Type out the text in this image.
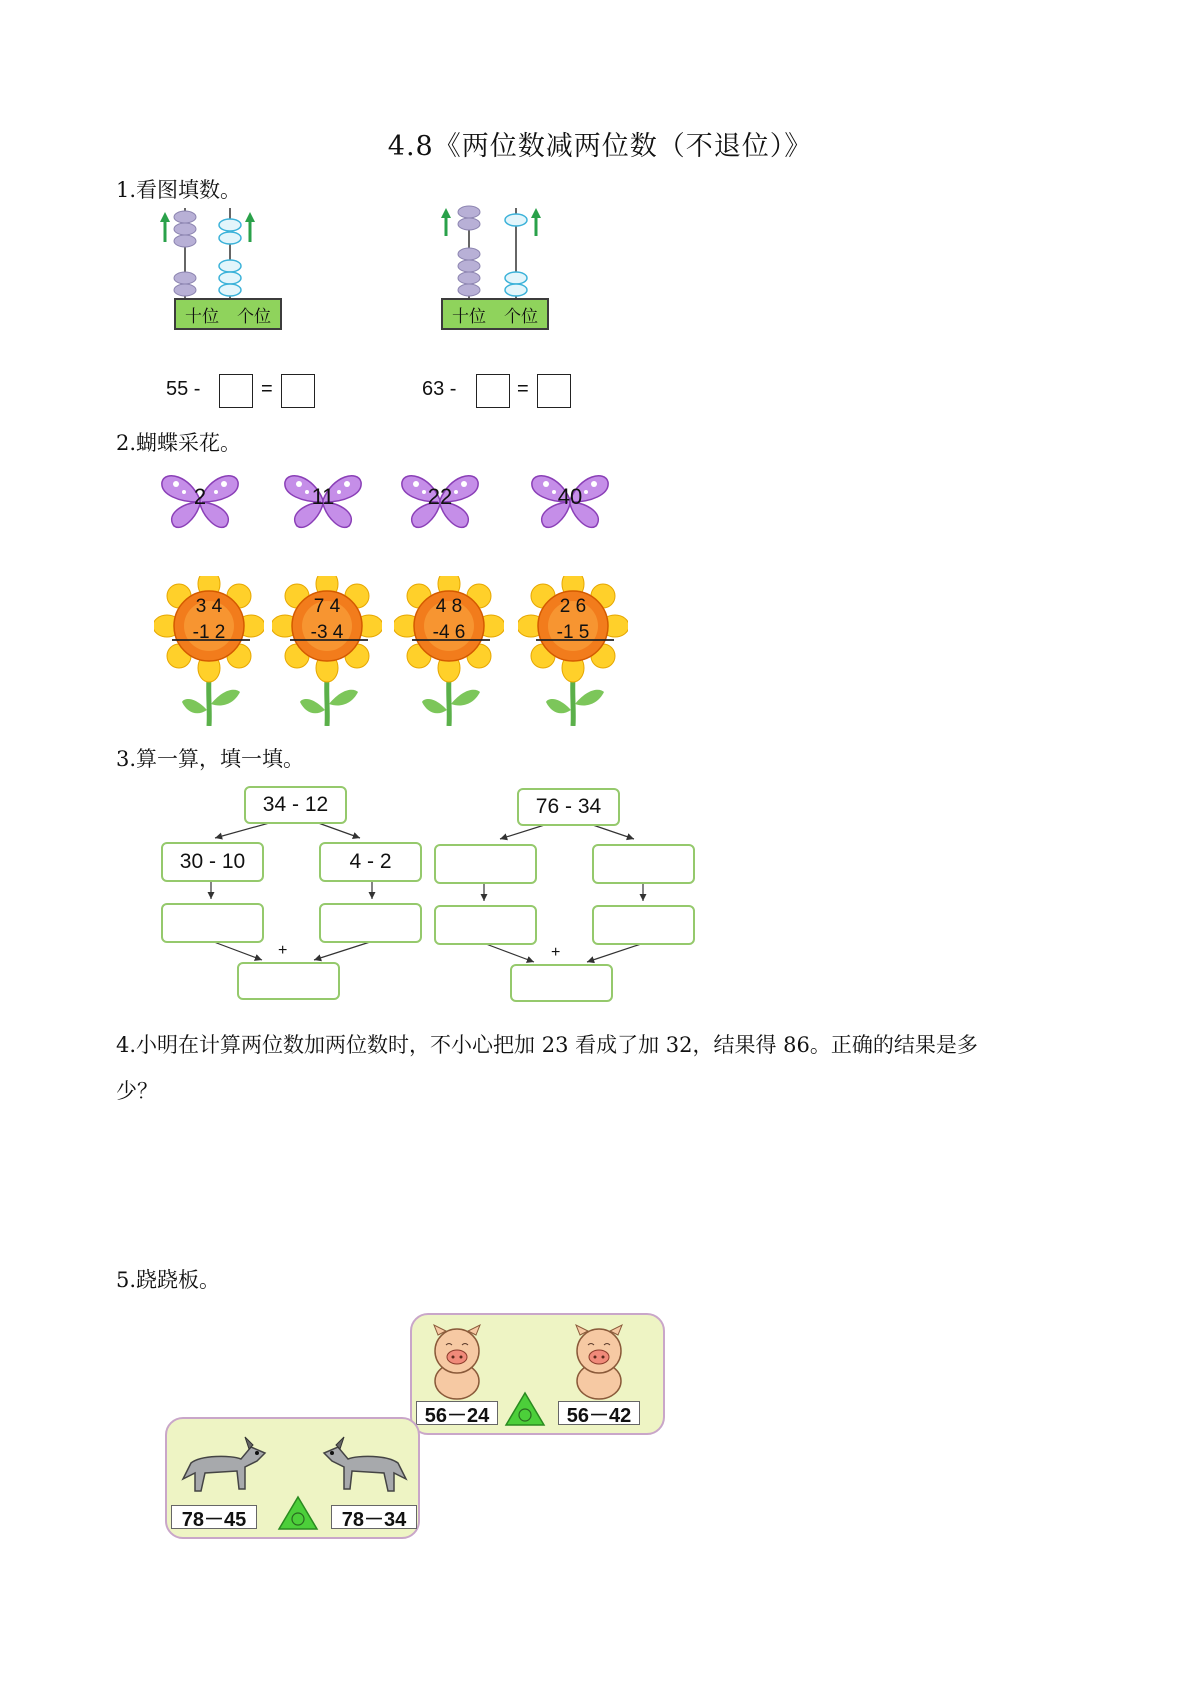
4.8《两位数减两位数（不退位）》
1.看图填数。
十位 个位
55 -	=
十位 个位
63 -	=
2.蝴蝶采花。
2	11	22	40
3 4
-1 2
7 4
-3 4
4 8
-4 6
2 6
-1 5
3.算一算，填一填。
34 - 12
30 - 10	4 - 2
+
76 - 34
+
4.小明在计算两位数加两位数时，不小心把加 23 看成了加 32，结果得 86。正确的结果是多
少？
5.跷跷板。
56－24	56－42
78－45	78－34
